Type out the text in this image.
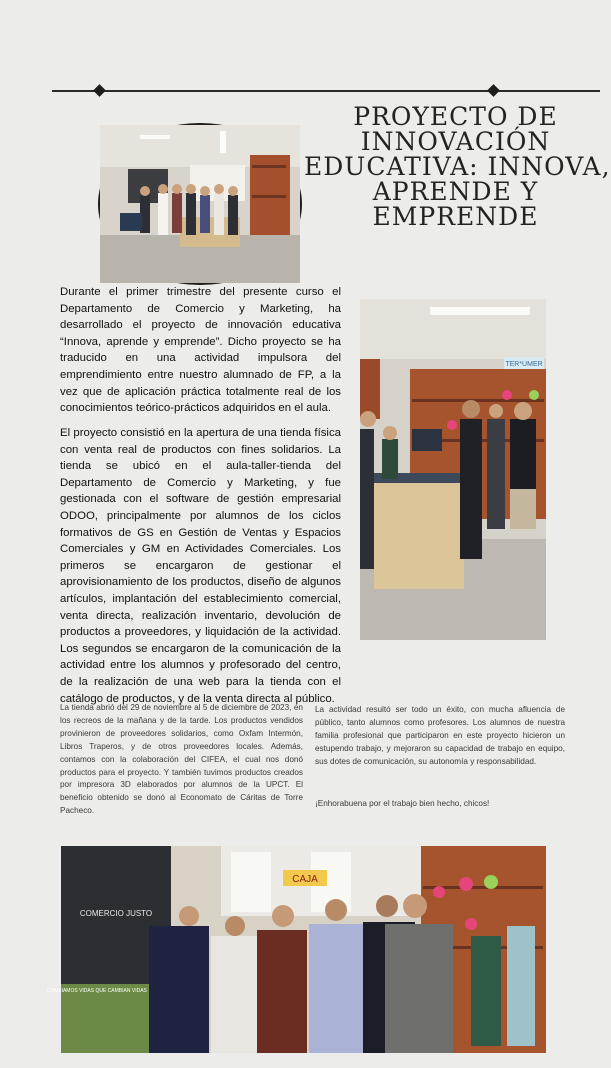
PROYECTO DE
INNOVACIÓN
EDUCATIVA: INNOVA,
APRENDE Y
EMPRENDE

Durante el primer trimestre del presente curso el Departamento de Comercio y Marketing, ha desarrollado el proyecto de innovación educativa “Innova, aprende y emprende”. Dicho proyecto se ha traducido en una actividad impulsora del emprendimiento entre nuestro alumnado de FP, a la vez que de aplicación práctica totalmente real de los conocimientos teórico-prácticos adquiridos en el aula.

El proyecto consistió en la apertura de una tienda física con venta real de productos con fines solidarios. La tienda se ubicó en el aula-taller-tienda del Departamento de Comercio y Marketing, y fue gestionada con el software de gestión empresarial ODOO, principalmente por alumnos de los ciclos formativos de GS en Gestión de Ventas y Espacios Comerciales y GM en Actividades Comerciales. Los primeros se encargaron de gestionar el aprovisionamiento de los productos, diseño de algunos artículos, implantación del establecimiento comercial, venta directa, realización inventario, devolución de productos a proveedores, y liquidación de la actividad. Los segundos se encargaron de la comunicación de la actividad entre los alumnos y profesorado del centro, de la realización de una web para la tienda con el catálogo de productos, y de la venta directa al público.

TER*UMER

La tienda abrió del 29 de noviembre al 5 de diciembre de 2023, en los recreos de la mañana y de la tarde. Los productos vendidos provinieron de proveedores solidarios, como Oxfam Intermón, Libros Traperos, y de otros proveedores locales. Además, contamos con la colaboración del CIFEA, el cual nos donó productos para el proyecto. Y también tuvimos productos creados por impresora 3D elaborados por alumnos de la UPCT. El beneficio obtenido se donó al Economato de Cáritas de Torre Pacheco.

La actividad resultó ser todo un éxito, con mucha afluencia de público, tanto alumnos como profesores. Los alumnos de nuestra familia profesional que participaron en este proyecto hicieron un estupendo trabajo, y mejoraron su capacidad de trabajo en equipo, sus dotes de comunicación, su autonomía y responsabilidad.

¡Enhorabuena por el trabajo bien hecho, chicos!

COMERCIO JUSTO
CAMBIAMOS VIDAS QUE CAMBIAN VIDAS
CAJA
